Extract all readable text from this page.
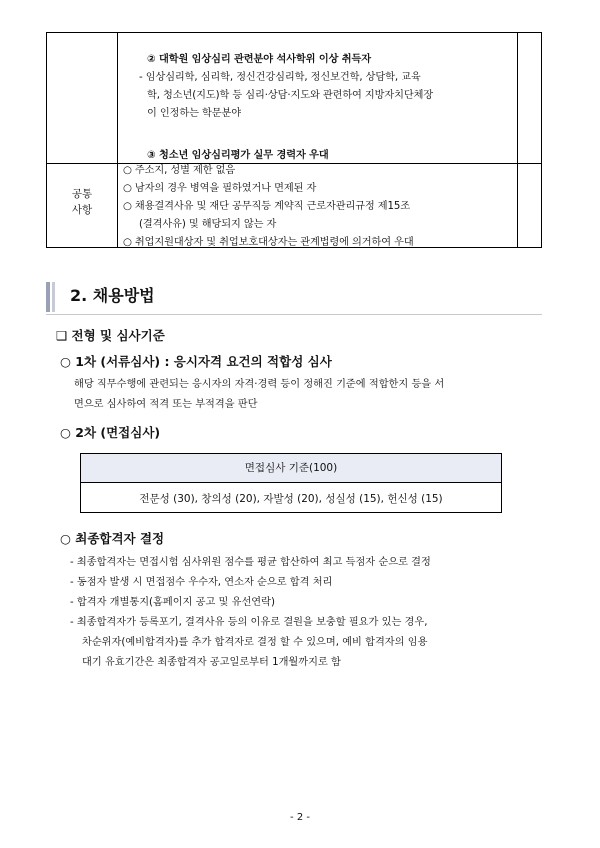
② 대학원 임상심리 관련분야 석사학위 이상 취득자
- 임상심리학, 심리학, 정신건강심리학, 정신보건학, 상담학, 교육
학, 청소년(지도)학 등 심리·상담·지도와 관련하여 지방자치단체장
이 인정하는 학문분야
③ 청소년 임상심리평가 실무 경력자 우대
공통
사항
○ 주소지, 성별 제한 없음
○ 남자의 경우 병역을 필하였거나 면제된 자
○ 채용결격사유 및 재단 공무직등 계약직 근로자관리규정 제15조
(결격사유) 및 해당되지 않는 자
○ 취업지원대상자 및 취업보호대상자는 관계법령에 의거하여 우대
2. 채용방법
❑ 전형 및 심사기준
○ 1차 (서류심사) : 응시자격 요건의 적합성 심사
해당 직무수행에 관련되는 응시자의 자격·경력 등이 정해진 기준에 적합한지 등을 서
면으로 심사하여 적격 또는 부적격을 판단
○ 2차 (면접심사)
면접심사 기준(100)
전문성 (30), 창의성 (20), 자발성 (20), 성실성 (15), 헌신성 (15)
○ 최종합격자 결정
- 최종합격자는 면접시험 심사위원 점수를 평균 합산하여 최고 득점자 순으로 결정
- 동점자 발생 시 면접점수 우수자, 연소자 순으로 합격 처리
- 합격자 개별통지(홈페이지 공고 및 유선연락)
- 최종합격자가 등록포기, 결격사유 등의 이유로 결원을 보충할 필요가 있는 경우,
차순위자(예비합격자)를 추가 합격자로 결정 할 수 있으며, 예비 합격자의 임용
대기 유효기간은 최종합격자 공고일로부터 1개월까지로 함
- 2 -
